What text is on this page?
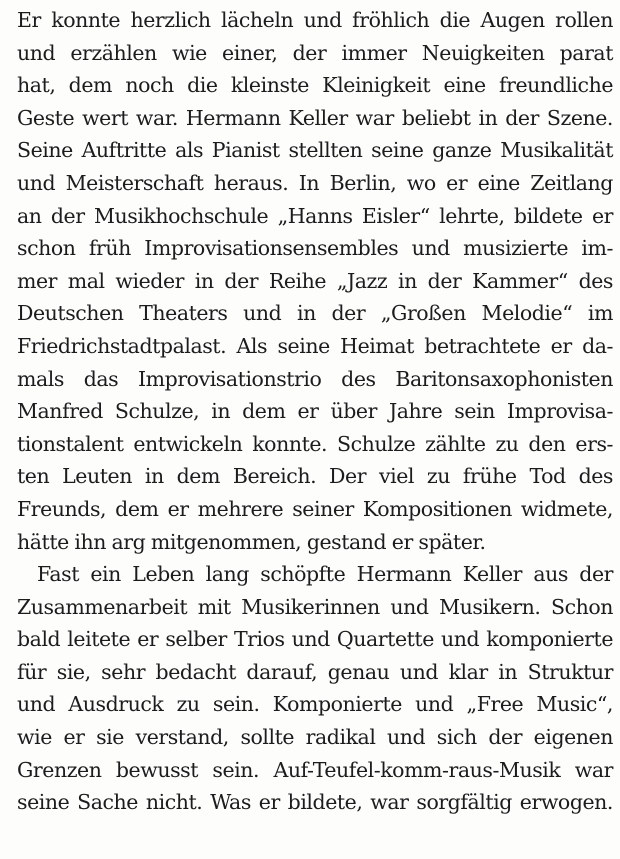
Er konnte herzlich lächeln und fröhlich die Augen rollen
und erzählen wie einer, der immer Neuigkeiten parat
hat, dem noch die kleinste Kleinigkeit eine freundliche
Geste wert war. Hermann Keller war beliebt in der Szene.
Seine Auftritte als Pianist stellten seine ganze Musikalität
und Meisterschaft heraus. In Berlin, wo er eine Zeitlang
an der Musikhochschule „Hanns Eisler“ lehrte, bildete er
schon früh Improvisationsensembles und musizierte im-
mer mal wieder in der Reihe „Jazz in der Kammer“ des
Deutschen Theaters und in der „Großen Melodie“ im
Friedrichstadtpalast. Als seine Heimat betrachtete er da-
mals das Improvisationstrio des Baritonsaxophonisten
Manfred Schulze, in dem er über Jahre sein Improvisa-
tionstalent entwickeln konnte. Schulze zählte zu den ers-
ten Leuten in dem Bereich. Der viel zu frühe Tod des
Freunds, dem er mehrere seiner Kompositionen widmete,
hätte ihn arg mitgenommen, gestand er später.
Fast ein Leben lang schöpfte Hermann Keller aus der
Zusammenarbeit mit Musikerinnen und Musikern. Schon
bald leitete er selber Trios und Quartette und komponierte
für sie, sehr bedacht darauf, genau und klar in Struktur
und Ausdruck zu sein. Komponierte und „Free Music“,
wie er sie verstand, sollte radikal und sich der eigenen
Grenzen bewusst sein. Auf-Teufel-komm-raus-Musik war
seine Sache nicht. Was er bildete, war sorgfältig erwogen.
